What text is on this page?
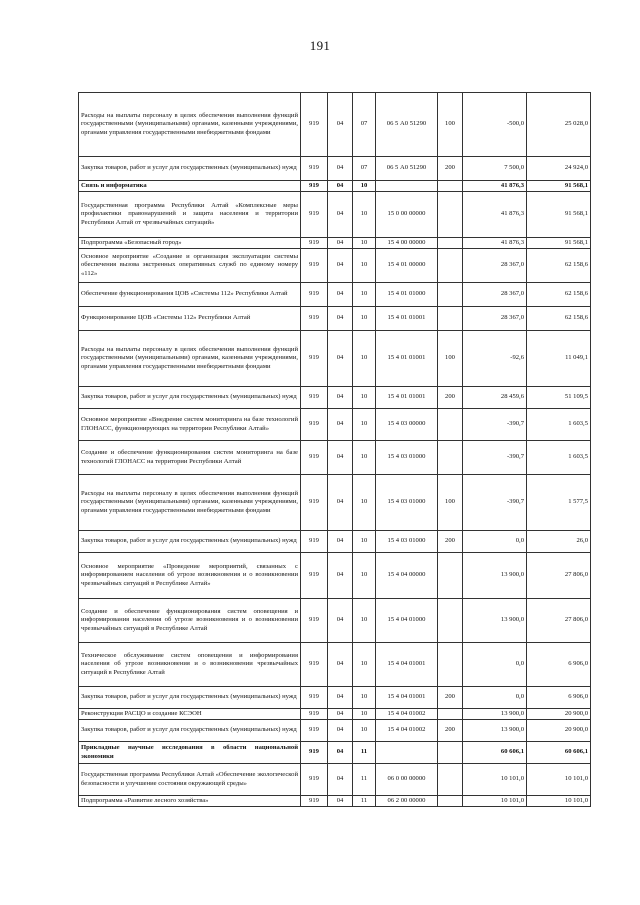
191
Расходы на выплаты персоналу в целях обеспечения выполнения функций государственными (муниципальными) органами, казенными учреждениями, органами управления государственными внебюджетными фондами	919	04	07	06 5 А0 51290	100	-500,0	25 028,0
Закупка товаров, работ и услуг для государственных (муниципальных) нужд	919	04	07	06 5 А0 51290	200	7 500,0	24 924,0
Связь и информатика	919	04	10			41 876,3	91 568,1
Государственная программа Республики Алтай «Комплексные меры профилактики правонарушений и защита населения и территории Республики Алтай от чрезвычайных ситуаций»	919	04	10	15 0 00 00000		41 876,3	91 568,1
Подпрограмма «Безопасный город»	919	04	10	15 4 00 00000		41 876,3	91 568,1
Основное мероприятие «Создание и организация эксплуатации системы обеспечения вызова экстренных оперативных служб по единому номеру «112»	919	04	10	15 4 01 00000		28 367,0	62 158,6
Обеспечение функционирования ЦОВ «Системы 112» Республики Алтай	919	04	10	15 4 01 01000		28 367,0	62 158,6
Функционирование ЦОВ «Системы 112» Республики Алтай	919	04	10	15 4 01 01001		28 367,0	62 158,6
Расходы на выплаты персоналу в целях обеспечения выполнения функций государственными (муниципальными) органами, казенными учреждениями, органами управления государственными внебюджетными фондами	919	04	10	15 4 01 01001	100	-92,6	11 049,1
Закупка товаров, работ и услуг для государственных (муниципальных) нужд	919	04	10	15 4 01 01001	200	28 459,6	51 109,5
Основное мероприятие «Внедрение систем мониторинга на базе технологий ГЛОНАСС, функционирующих на территории Республики Алтай»	919	04	10	15 4 03 00000		-390,7	1 603,5
Создание и обеспечение функционирования систем мониторинга на базе технологий ГЛОНАСС на территории Республики Алтай	919	04	10	15 4 03 01000		-390,7	1 603,5
Расходы на выплаты персоналу в целях обеспечения выполнения функций государственными (муниципальными) органами, казенными учреждениями, органами управления государственными внебюджетными фондами	919	04	10	15 4 03 01000	100	-390,7	1 577,5
Закупка товаров, работ и услуг для государственных (муниципальных) нужд	919	04	10	15 4 03 01000	200	0,0	26,0
Основное мероприятие «Проведение мероприятий, связанных с информированием населения об угрозе возникновения и о возникновении чрезвычайных ситуаций в Республике Алтай»	919	04	10	15 4 04 00000		13 900,0	27 806,0
Создание и обеспечение функционирования систем оповещения и информирования населения об угрозе возникновения и о возникновении чрезвычайных ситуаций в Республике Алтай	919	04	10	15 4 04 01000		13 900,0	27 806,0
Техническое обслуживание систем оповещения и информирования населения об угрозе возникновения и о возникновении чрезвычайных ситуаций в Республике Алтай	919	04	10	15 4 04 01001		0,0	6 906,0
Закупка товаров, работ и услуг для государственных (муниципальных) нужд	919	04	10	15 4 04 01001	200	0,0	6 906,0
Реконструкция РАСЦО и создание КСЭОН	919	04	10	15 4 04 01002		13 900,0	20 900,0
Закупка товаров, работ и услуг для государственных (муниципальных) нужд	919	04	10	15 4 04 01002	200	13 900,0	20 900,0
Прикладные научные исследования в области национальной экономики	919	04	11			60 606,1	60 606,1
Государственная программа Республики Алтай «Обеспечение экологической безопасности и улучшение состояния окружающей среды»	919	04	11	06 0 00 00000		10 101,0	10 101,0
Подпрограмма «Развитие лесного хозяйства»	919	04	11	06 2 00 00000		10 101,0	10 101,0
